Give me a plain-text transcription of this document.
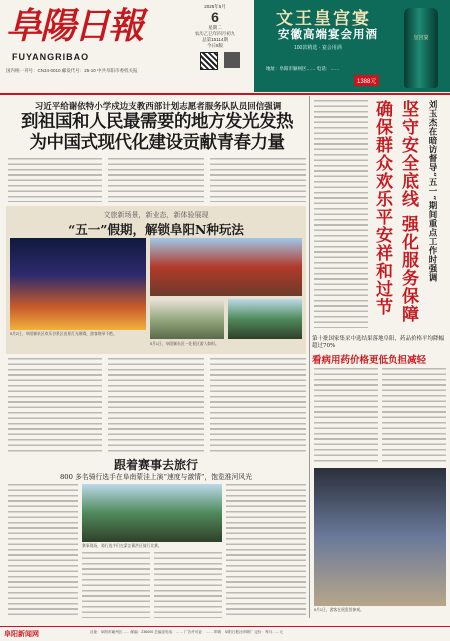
阜陽日報
FUYANGRIBAO
国内统一刊号：CN34-0010 邮发代号：25-10 中共阜阳市委机关报
2025年5月
6
星期二
农历乙巳年四月初九
总第15114期
今日8版
文王皇宫宴
安徽高端宴会用酒
100款精选 · 宴会用酒
地址：阜阳市颍州区…… 电话：……
1388元
皇宫宴
习近平给谢依特小学戍边支教西部计划志愿者服务队队员回信强调
到祖国和人民最需要的地方发光发热
为中国式现代化建设贡献青春力量	刘玉杰在暗访督导“五一”期间重点工作时强调
坚守安全底线 强化服务保障
确保群众欢乐平安祥和过节
文旅新场景，新业态，新体验展现
“五一”假期，解锁阜阳N种玩法
5月2日，阜阳颍泉区欢乐谷景区夜景灯光璀璨，游客络绎不绝。
5月1日，阜阳颍东区一处景区游人如织。
跟着赛事去旅行
800 多名骑行选手在阜南蒙洼上演“速度与激情”，饱览淮河风光
赛事现场，骑行选手们在蒙洼蓄洪区骑行比赛。
第十批国家集采中选结果落地阜阳，药品价格平均降幅超过70%
看病用药价格更低负担减轻
5月1日，游客在展览馆参观。
阜阳新闻网	社址：阜阳市颍州区…… 邮编：236000 总编室电话：…… 广告许可证：…… 印刷：阜阳日报社印刷厂 定价：每月……元
